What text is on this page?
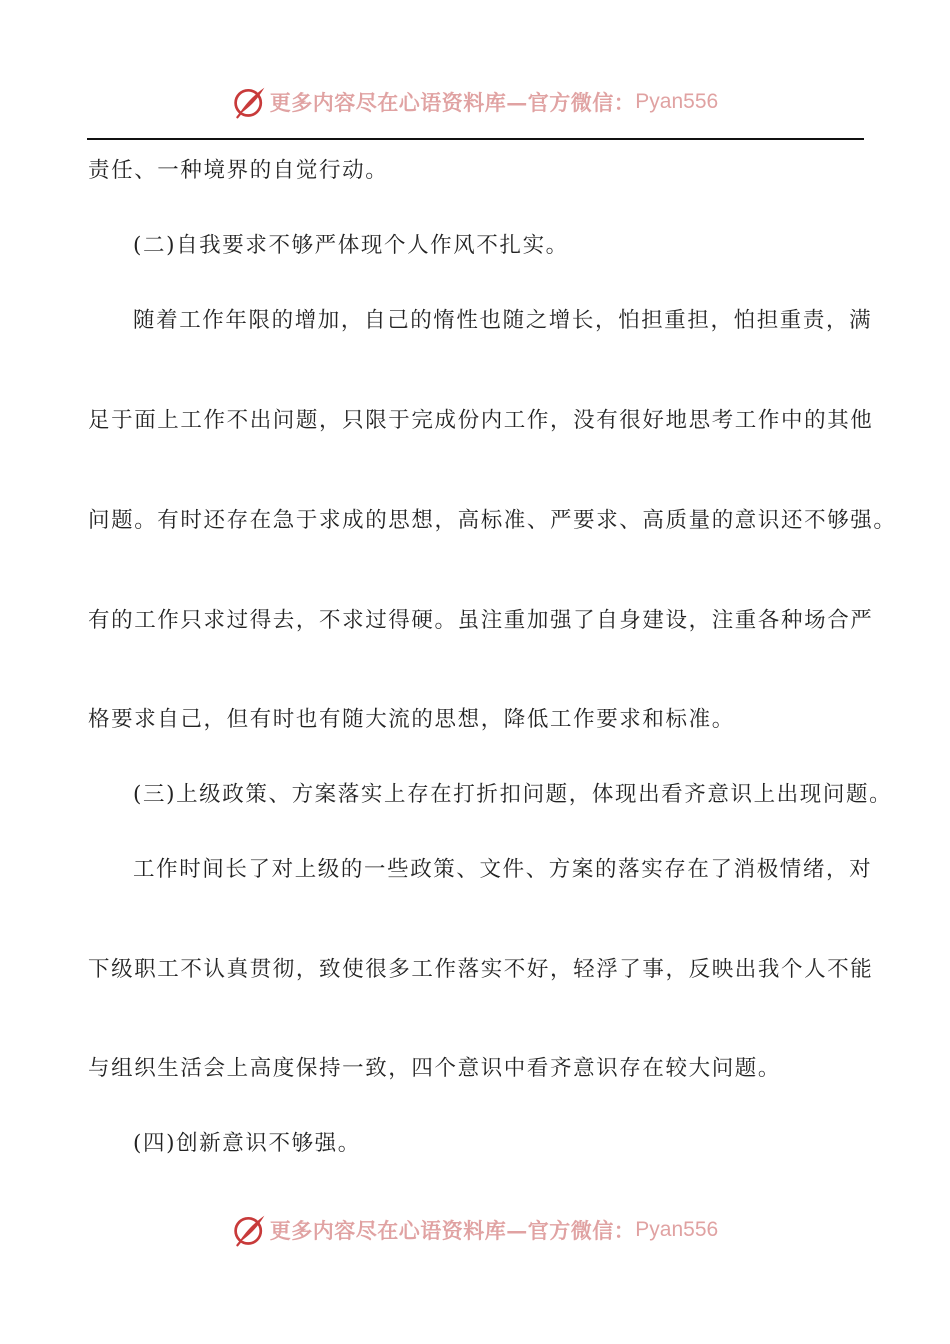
更多内容尽在心语资料库—官方微信： Pyan556
责任、一种境界的自觉行动。
(二)自我要求不够严体现个人作风不扎实。
随着工作年限的增加，自己的惰性也随之增长，怕担重担，怕担重责，满
足于面上工作不出问题，只限于完成份内工作，没有很好地思考工作中的其他
问题。有时还存在急于求成的思想，高标准、严要求、高质量的意识还不够强。
有的工作只求过得去，不求过得硬。虽注重加强了自身建设，注重各种场合严
格要求自己，但有时也有随大流的思想，降低工作要求和标准。
(三)上级政策、方案落实上存在打折扣问题，体现出看齐意识上出现问题。
工作时间长了对上级的一些政策、文件、方案的落实存在了消极情绪，对
下级职工不认真贯彻，致使很多工作落实不好，轻浮了事，反映出我个人不能
与组织生活会上高度保持一致，四个意识中看齐意识存在较大问题。
(四)创新意识不够强。
更多内容尽在心语资料库—官方微信： Pyan556
